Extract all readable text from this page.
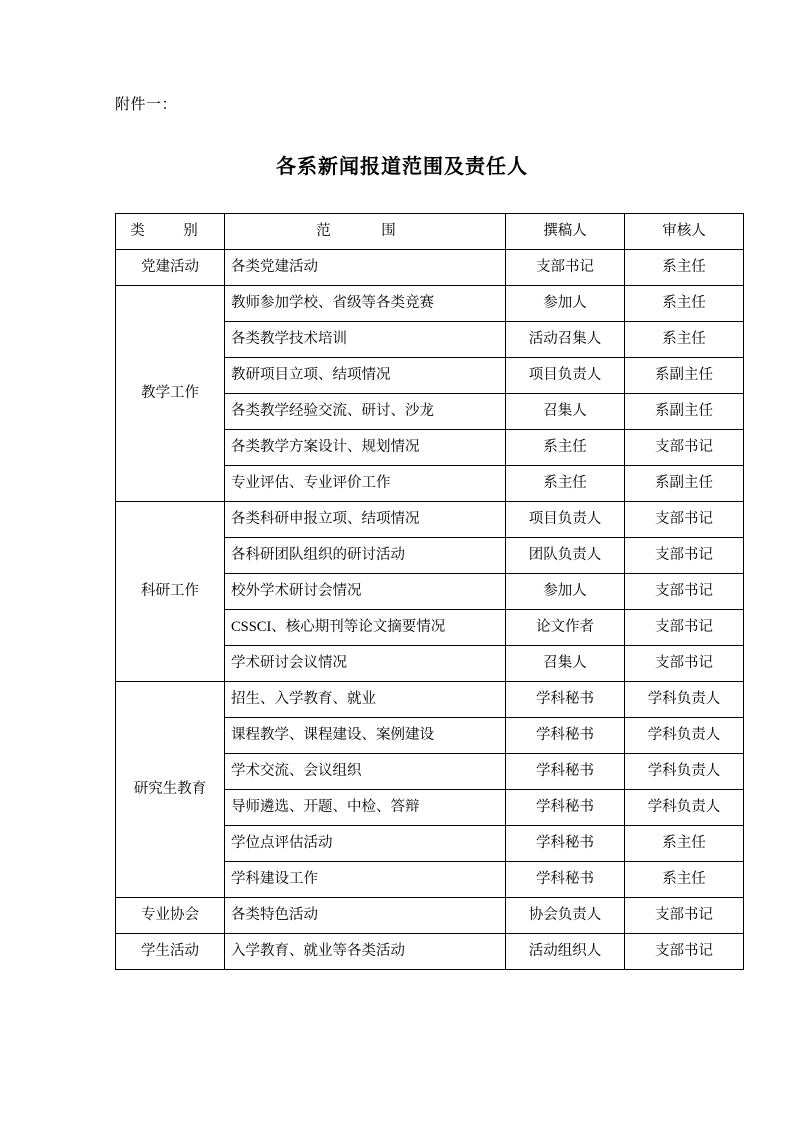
附件一：
各系新闻报道范围及责任人
类　别	范　围	撰稿人	审核人
党建活动	各类党建活动	支部书记	系主任
教学工作	教师参加学校、省级等各类竞赛	参加人	系主任
	各类教学技术培训	活动召集人	系主任
	教研项目立项、结项情况	项目负责人	系副主任
	各类教学经验交流、研讨、沙龙	召集人	系副主任
	各类教学方案设计、规划情况	系主任	支部书记
	专业评估、专业评价工作	系主任	系副主任
科研工作	各类科研申报立项、结项情况	项目负责人	支部书记
	各科研团队组织的研讨活动	团队负责人	支部书记
	校外学术研讨会情况	参加人	支部书记
	CSSCI、核心期刊等论文摘要情况	论文作者	支部书记
	学术研讨会议情况	召集人	支部书记
研究生教育	招生、入学教育、就业	学科秘书	学科负责人
	课程教学、课程建设、案例建设	学科秘书	学科负责人
	学术交流、会议组织	学科秘书	学科负责人
	导师遴选、开题、中检、答辩	学科秘书	学科负责人
	学位点评估活动	学科秘书	系主任
	学科建设工作	学科秘书	系主任
专业协会	各类特色活动	协会负责人	支部书记
学生活动	入学教育、就业等各类活动	活动组织人	支部书记
